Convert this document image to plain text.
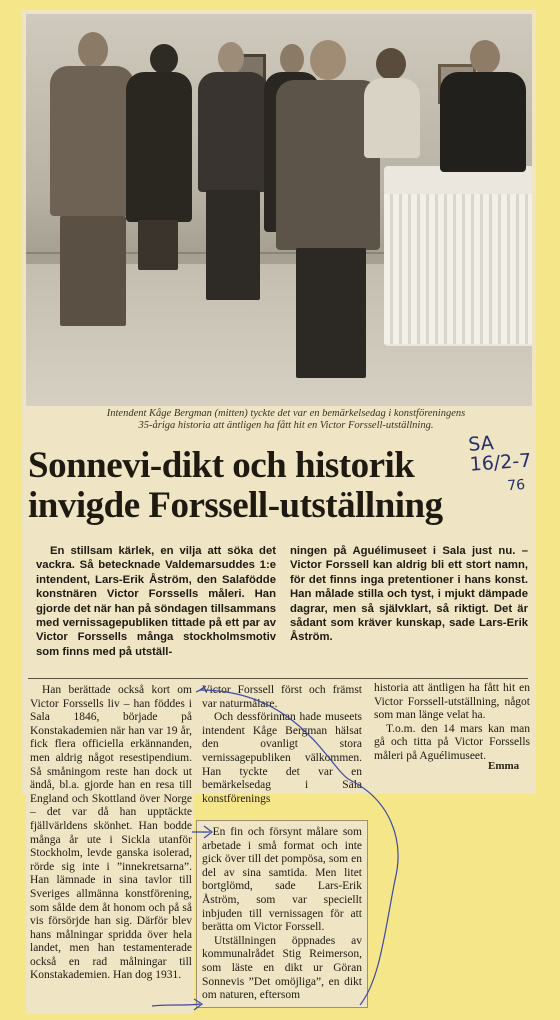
Intendent Kåge Bergman (mitten) tyckte det var en bemärkelsedag i konstföreningens 35-åriga historia att äntligen ha fått hit en Victor Forssell-utställning.
SA 16/2-7
76
Sonnevi-dikt och historik invigde Forssell-utställning

En stillsam kärlek, en vilja att söka det vackra. Så betecknade Valdemarsuddes 1:e intendent, Lars-Erik Åström, den Salafödde konstnären Victor Forssells måleri. Han gjorde det när han på söndagen tillsammans med vernissagepubliken tittade på ett par av Victor Forssells många stockholmsmotiv som finns med på utställ-

ningen på Aguélimuseet i Sala just nu. – Victor Forssell kan aldrig bli ett stort namn, för det finns inga pretentioner i hans konst. Han målade stilla och tyst, i mjukt dämpade dagrar, men så självklart, så riktigt. Det är sådant som kräver kunskap, sade Lars-Erik Åström.

Han berättade också kort om Victor Forssells liv – han föddes i Sala 1846, började på Konstakademien när han var 19 år, fick flera officiella erkännanden, men aldrig något resestipendium. Så småningom reste han dock ut ändå, bl.a. gjorde han en resa till England och Skottland över Norge – det var då han upptäckte fjällvärldens skönhet. Han bodde många år ute i Sickla utanför Stockholm, levde ganska isolerad, rörde sig inte i ”innekretsarna”. Han lämnade in sina tavlor till Sveriges allmänna konstförening, som sålde dem åt honom och på så vis försörjde han sig. Därför blev hans målningar spridda över hela landet, men han testamenterade också en rad målningar till Konstakademien. Han dog 1931.

Victor Forssell först och främst var naturmålare.

Och dessförinnan hade museets intendent Kåge Bergman hälsat den ovanligt stora vernissagepubliken välkommen. Han tyckte det var en bemärkelsedag i Sala konstförenings

historia att äntligen ha fått hit en Victor Forssell-utställning, något som man länge velat ha.

T.o.m. den 14 mars kan man gå och titta på Victor Forssells måleri på Aguélimuseet.

Emma

– En fin och försynt målare som arbetade i små format och inte gick över till det pompösa, som en del av sina samtida. Men litet bortglömd, sade Lars-Erik Åström, som var speciellt inbjuden till vernissagen för att berätta om Victor Forssell.

Utställningen öppnades av kommunalrådet Stig Reimerson, som läste en dikt ur Göran Sonnevis ”Det omöjliga”, en dikt om naturen, eftersom
